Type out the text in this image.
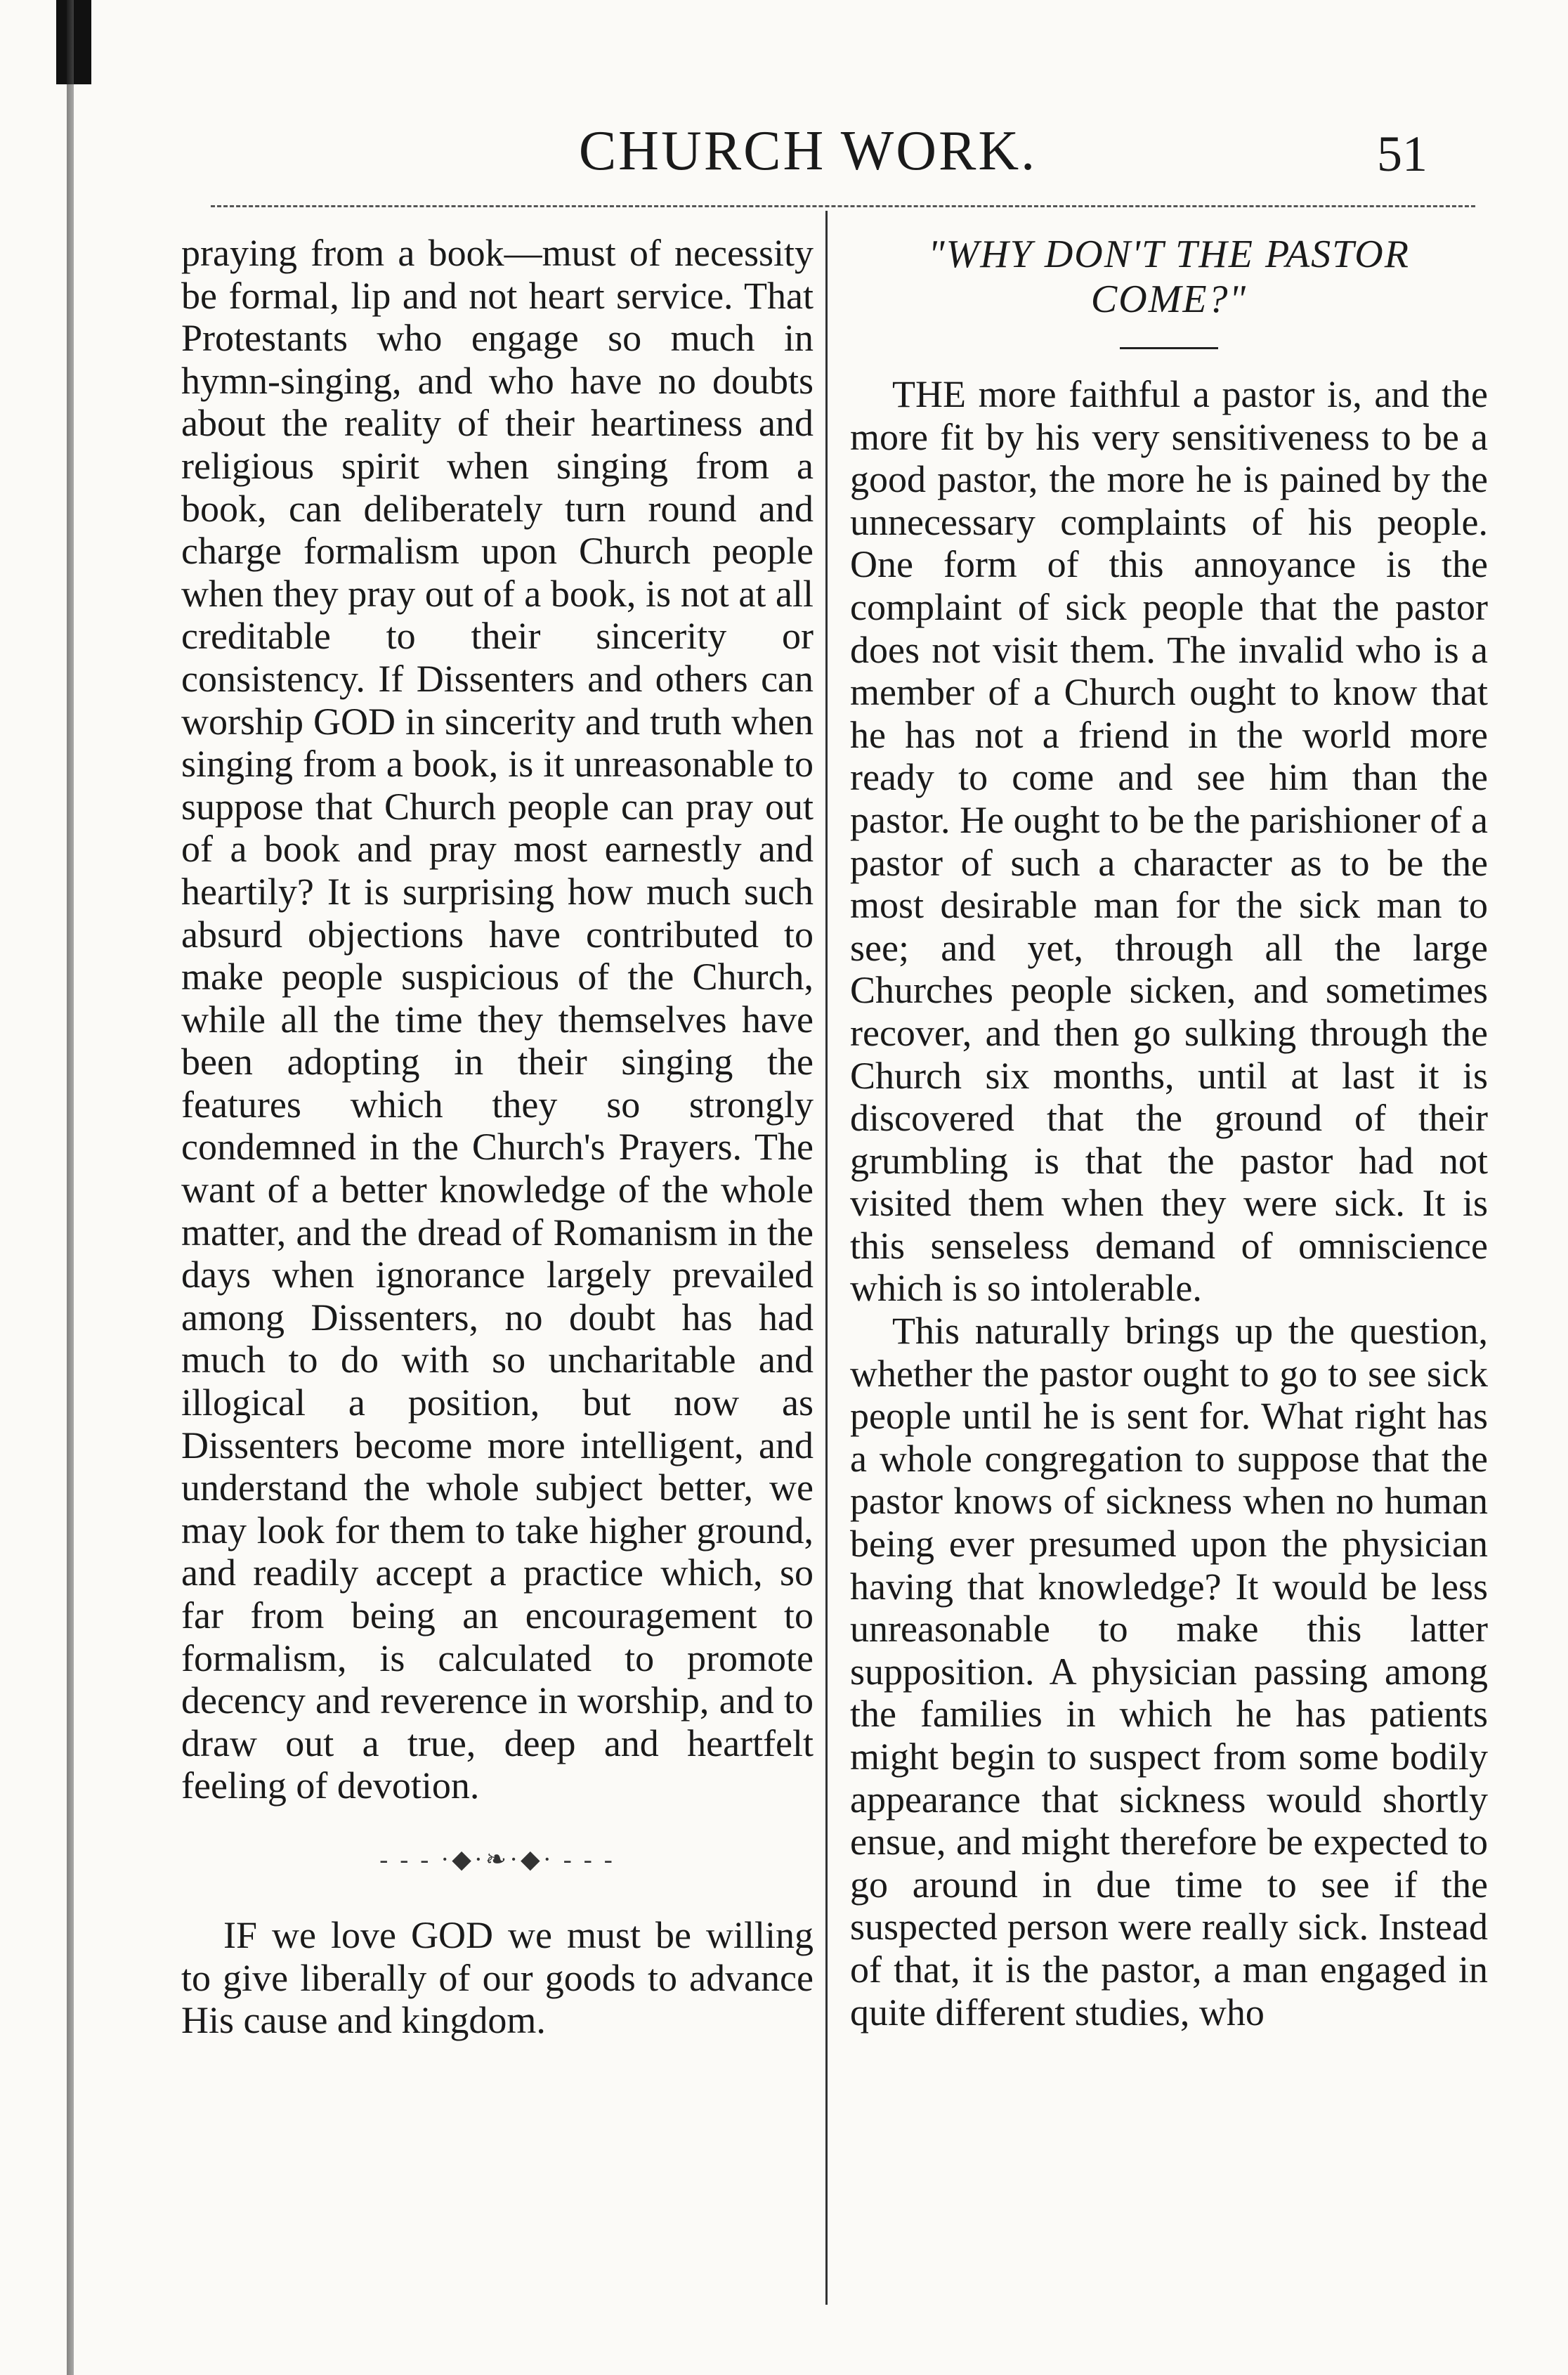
CHURCH WORK.	51

praying from a book—must of necessity be formal, lip and not heart service. That Protestants who engage so much in hymn-singing, and who have no doubts about the reality of their heartiness and religious spirit when singing from a book, can deliberately turn round and charge formalism upon Church people when they pray out of a book, is not at all creditable to their sincerity or consistency. If Dissenters and others can worship GOD in sincerity and truth when singing from a book, is it unreasonable to suppose that Church people can pray out of a book and pray most earnestly and heartily? It is surprising how much such absurd objections have contributed to make people suspicious of the Church, while all the time they themselves have been adopting in their singing the features which they so strongly condemned in the Church's Prayers. The want of a better knowledge of the whole matter, and the dread of Romanism in the days when ignorance largely prevailed among Dissenters, no doubt has had much to do with so uncharitable and illogical a position, but now as Dissenters become more intelligent, and understand the whole subject better, we may look for them to take higher ground, and readily accept a practice which, so far from being an encouragement to formalism, is calculated to promote decency and reverence in worship, and to draw out a true, deep and heartfelt feeling of devotion.

- - - ·◆·❧·◆· - - -

IF we love GOD we must be willing to give liberally of our goods to advance His cause and kingdom.

"WHY DON'T THE PASTOR COME?"

THE more faithful a pastor is, and the more fit by his very sensitiveness to be a good pastor, the more he is pained by the unnecessary complaints of his people. One form of this annoyance is the complaint of sick people that the pastor does not visit them. The invalid who is a member of a Church ought to know that he has not a friend in the world more ready to come and see him than the pastor. He ought to be the parishioner of a pastor of such a character as to be the most desirable man for the sick man to see; and yet, through all the large Churches people sicken, and sometimes recover, and then go sulking through the Church six months, until at last it is discovered that the ground of their grumbling is that the pastor had not visited them when they were sick. It is this senseless demand of omniscience which is so intolerable.

This naturally brings up the question, whether the pastor ought to go to see sick people until he is sent for. What right has a whole congregation to suppose that the pastor knows of sickness when no human being ever presumed upon the physician having that knowledge? It would be less unreasonable to make this latter supposition. A physician passing among the families in which he has patients might begin to suspect from some bodily appearance that sickness would shortly ensue, and might therefore be expected to go around in due time to see if the suspected person were really sick. Instead of that, it is the pastor, a man engaged in quite different studies, who
